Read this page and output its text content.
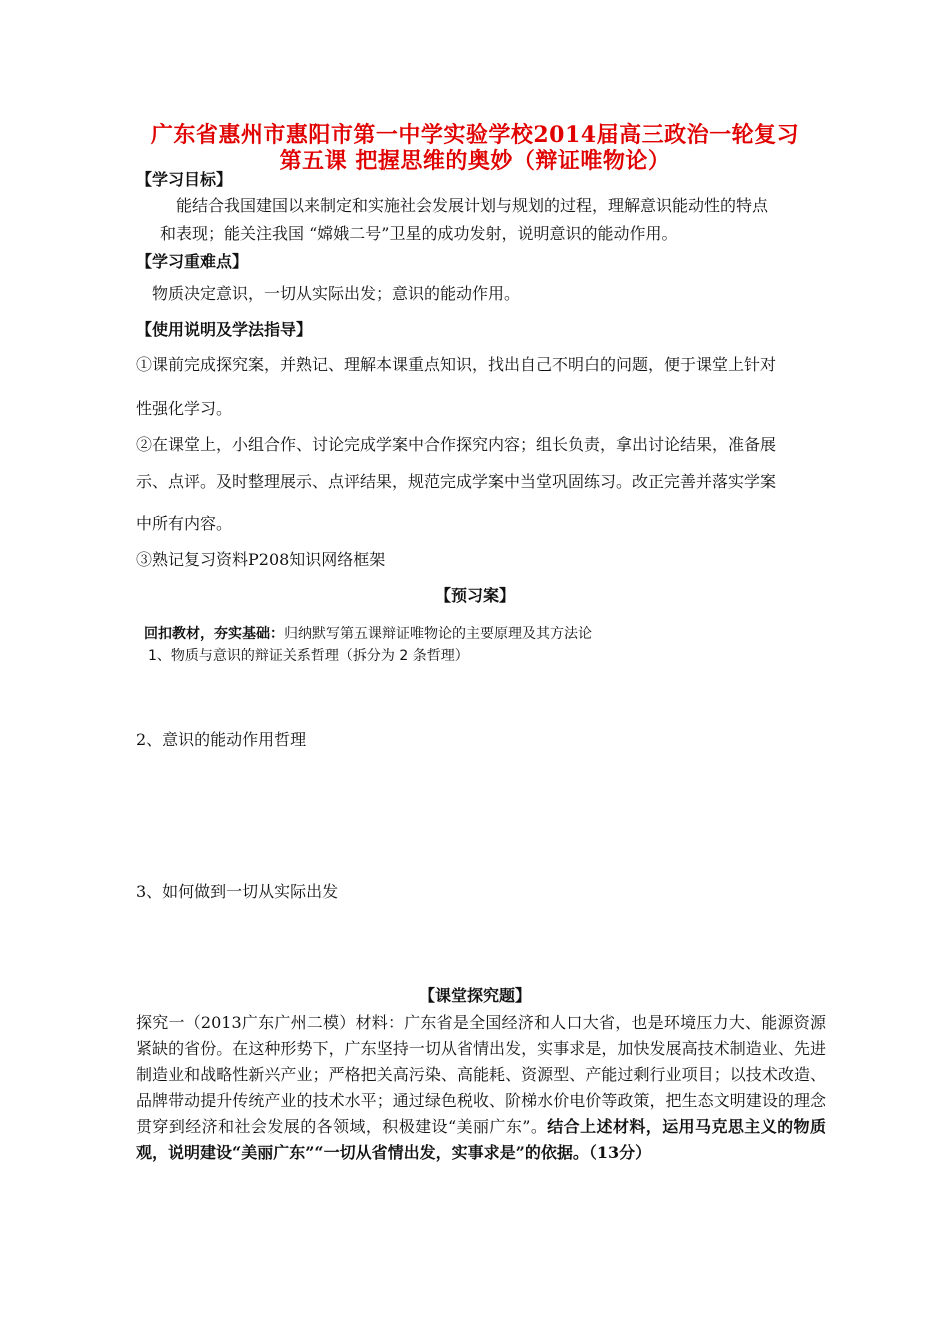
广东省惠州市惠阳市第一中学实验学校2014届高三政治一轮复习
第五课 把握思维的奥妙（辩证唯物论）
【学习目标】
能结合我国建国以来制定和实施社会发展计划与规划的过程，理解意识能动性的特点
和表现；能关注我国 “嫦娥二号”卫星的成功发射，说明意识的能动作用。
【学习重难点】
物质决定意识，一切从实际出发；意识的能动作用。
【使用说明及学法指导】
①课前完成探究案，并熟记、理解本课重点知识，找出自己不明白的问题，便于课堂上针对
性强化学习。
②在课堂上，小组合作、讨论完成学案中合作探究内容；组长负责，拿出讨论结果，准备展
示、点评。及时整理展示、点评结果，规范完成学案中当堂巩固练习。改正完善并落实学案
中所有内容。
③熟记复习资料P208知识网络框架
【预习案】
回扣教材，夯实基础：归纳默写第五课辩证唯物论的主要原理及其方法论
1、物质与意识的辩证关系哲理（拆分为 2 条哲理）
2、意识的能动作用哲理
3、如何做到一切从实际出发
【课堂探究题】
探究一（2013广东广州二模）材料：广东省是全国经济和人口大省，也是环境压力大、能源资源紧缺的省份。在这种形势下，广东坚持一切从省情出发，实事求是，加快发展高技术制造业、先进制造业和战略性新兴产业；严格把关高污染、高能耗、资源型、产能过剩行业项目；以技术改造、品牌带动提升传统产业的技术水平；通过绿色税收、阶梯水价电价等政策，把生态文明建设的理念贯穿到经济和社会发展的各领域，积极建设“美丽广东”。结合上述材料，运用马克思主义的物质观，说明建设“美丽广东”“一切从省情出发，实事求是”的依据。（13分）
